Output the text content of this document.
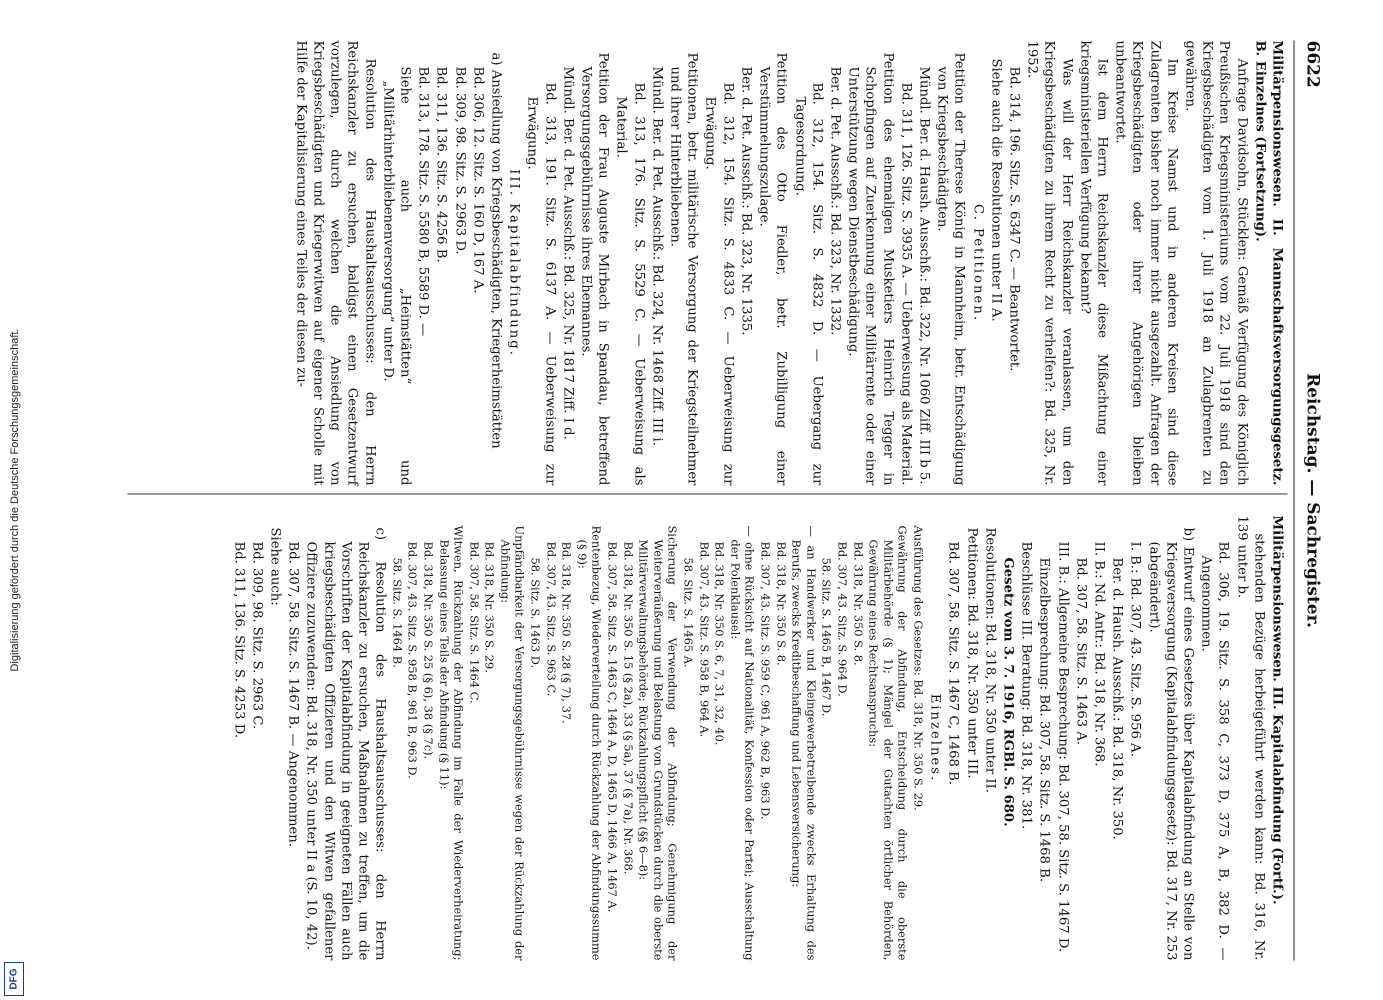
6622
Reichstag. — Sachregister.

Militärpensionswesen. II. Mannschaftsversorgungsgesetz. B. Einzelnes (Fortsetzung).

Anfrage Davidsohn, Stücklen: Gemäß Verfügung des Königlich Preußischen Kriegsministeriums vom 22. Juli 1918 sind den Kriegsbeschädigten vom 1. Juli 1918 an Zulagbrenten zu gewähren.

Im Kreise Namst und in anderen Kreisen sind diese Zulagrenten bisher noch immer nicht ausgezahlt. Anfragen der Kriegsbeschädigten oder ihrer Angehörigen bleiben unbeantwortet.

Ist dem Herrn Reichskanzler diese Mißachtung einer kriegsministeriellen Verfügung bekannt?

Was will der Herr Reichskanzler veranlassen, um den Kriegsbeschädigten zu ihrem Recht zu verhelfen?: Bd. 325, Nr. 1952.

Bd. 314, 196. Sitz. S. 6347 C. — Beantwortet.

Siehe auch die Resolutionen unter II A.

C. Petitionen.

Petition der Therese König in Mannheim, betr. Entschädigung von Kriegsbeschädigten.

Mündl. Ber. d. Haush. Ausschß.: Bd. 322, Nr. 1060 Ziff. III b 5.

Bd. 311, 126. Sitz. S. 3935 A. — Ueberweisung als Material.

Petition des ehemaligen Musketiers Heinrich Tegger in Schopfingen auf Zuerkennung einer Militärrente oder einer Unterstützung wegen Dienstbeschädigung.

Ber. d. Pet. Ausschß.: Bd. 323, Nr. 1332.

Bd. 312, 154. Sitz. S. 4832 D. — Uebergang zur Tagesordnung.

Petition des Otto Fiedler, betr. Zubilligung einer Verstümmelungszulage.

Ber. d. Pet. Ausschß.: Bd. 323, Nr. 1335.

Bd. 312, 154. Sitz. S. 4833 C. — Ueberweisung zur Erwägung.

Petitionen, betr. militärische Versorgung der Kriegsteilnehmer und ihrer Hinterbliebenen.

Mündl. Ber. d. Pet. Ausschß.: Bd. 324, Nr. 1468 Ziff. III i.

Bd. 313, 176. Sitz. S. 5529 C. — Ueberweisung als Material.

Petition der Frau Auguste Mirbach in Spandau, betreffend Versorgungsgebührnisse ihres Ehemannes.

Mündl. Ber. d. Pet. Ausschß.: Bd. 325, Nr. 1817 Ziff. I d.

Bd. 313, 191. Sitz. S. 6137 A. — Ueberweisung zur Erwägung.

III. Kapitalabfindung.

a) Ansiedlung von Kriegsbeschädigten, Kriegerheimstätten

Bd. 306, 12. Sitz. S. 160 D, 167 A.

Bd. 309, 98. Sitz. S. 2963 D.

Bd. 311, 136. Sitz. S. 4256 B.

Bd. 313, 178. Sitz. S. 5580 B, 5589 D. —

Siehe auch „Heimstätten“ und „Militärhinterbliebenenversorgung“ unter D.

Resolution des Haushaltsausschusses: den Herrn Reichskanzler zu ersuchen, baldigst einen Gesetzentwurf vorzulegen, durch welchen die Ansiedlung von Kriegsbeschädigten und Kriegerwitwen auf eigener Scholle mit Hilfe der Kapitalisierung eines Teiles der diesen zu-

Militärpensionswesen. III. Kapitalabfindung (Fortf.).

stehenden Bezüge herbeigeführt werden kann: Bd. 316, Nr. 139 unter b.

Bd. 306, 19. Sitz. S. 358 C, 373 D, 375 A, B, 382 D. — Angenommen.

b) Entwurf eines Gesetzes über Kapitalabfindung an Stelle von Kriegsversorgung (Kapitalabfindungsgesetz): Bd. 317, Nr. 253 (abgeändert).

I. B.: Bd. 307, 43. Sitz. S. 956 A.

Ber. d. Haush. Ausschß.: Bd. 318, Nr. 350.

II. B.: Nd. Antr.: Bd. 318, Nr. 368.

Bd. 307, 58. Sitz. S. 1463 A.

III. B.: Allgemeine Besprechung: Bd. 307, 58. Sitz. S. 1467 D.

Einzelbesprechung: Bd. 307, 58. Sitz. S. 1468 B.

Beschlüsse III. Beratung: Bd. 318, Nr. 381.

Gesetz vom 3. 7. 1916, RGBl. S. 680.

Resolutionen: Bd. 318, Nr. 350 unter II.

Petitionen: Bd. 318, Nr. 350 unter III.

Bd. 307, 58. Sitz. S. 1467 C, 1468 B.

Einzelnes.

Ausführung des Gesetzes: Bd. 318, Nr. 350 S. 29.

Gewährung der Abfindung, Entscheidung durch die oberste Militärbehörde (§ 1); Mängel der Gutachten örtlicher Behörden, Gewährung eines Rechtsanspruchs:

Bd. 318, Nr. 350 S. 8.

Bd. 307, 43. Sitz. S. 964 D.

58. Sitz. S. 1465 B, 1467 D.

— an Handwerker und Kleingewerbetreibende zwecks Erhaltung des Berufs, zwecks Kreditbeschaffung und Lebensversicherung:

Bd. 318, Nr. 350 S. 8.

Bd. 307, 43. Sitz. S. 959 C, 961 A, 962 B, 963 D.

— ohne Rücksicht auf Nationalität, Konfession oder Partei; Ausschaltung der Polenklausel:

Bd. 318, Nr. 350 S. 6, 7, 31, 32, 40.

Bd. 307, 43. Sitz. S. 958 B, 964 A.

58. Sitz. S. 1465 A.

Sicherung der Verwendung der Abfindung; Genehmigung der Weiterveräußerung und Belastung von Grundstücken durch die oberste Militärverwaltungsbehörde; Rückzahlungspflicht (§§ 6—8):

Bd. 318, Nr. 350 S. 15 (§ 2a), 33 (§ 5a), 37 (§ 7a), Nr. 368.

Bd. 307, 58. Sitz. S. 1463 C, 1464 A, D, 1465 D, 1466 A, 1467 A.

Rentenbezug, Wiederverteilung durch Rückzahlung der Abfindungssumme (§ 9):

Bd. 318, Nr. 350 S. 28 (§ 7), 37.

Bd. 307, 43. Sitz. S. 963 C.

58. Sitz. S. 1463 D.

Unpfändbarkeit der Versorgungsgebührnisse wegen der Rückzahlung der Abfindung:

Bd. 318, Nr. 350 S. 29.

Bd. 307, 58. Sitz. S. 1464 C.

Witwen, Rückzahlung der Abfindung im Falle der Wiederverheiratung; Belassung eines Teils der Abfindung (§ 11):

Bd. 318, Nr. 350 S. 25 (§ 6), 38 (§ 7c).

Bd. 307, 43. Sitz. S. 958 B, 961 B, 963 D.

58. Sitz. S. 1464 B.

c) Resolution des Haushaltsausschusses: den Herrn Reichskanzler zu ersuchen, Maßnahmen zu treffen, um die Vorschriften der Kapitalabfindung in geeigneten Fällen auch kriegsbeschädigten Offizieren und den Witwen gefallener Offiziere zuzuwenden: Bd. 318, Nr. 350 unter II a (S. 10, 42).

Bd. 307, 58. Sitz. S. 1467 B. — Angenommen.

Siehe auch:

Bd. 309, 98. Sitz. S. 2963 C.

Bd. 311, 136. Sitz. S. 4253 D.

Digitalisierung gefördert durch die Deutsche Forschungsgemeinschaft.
DFG
